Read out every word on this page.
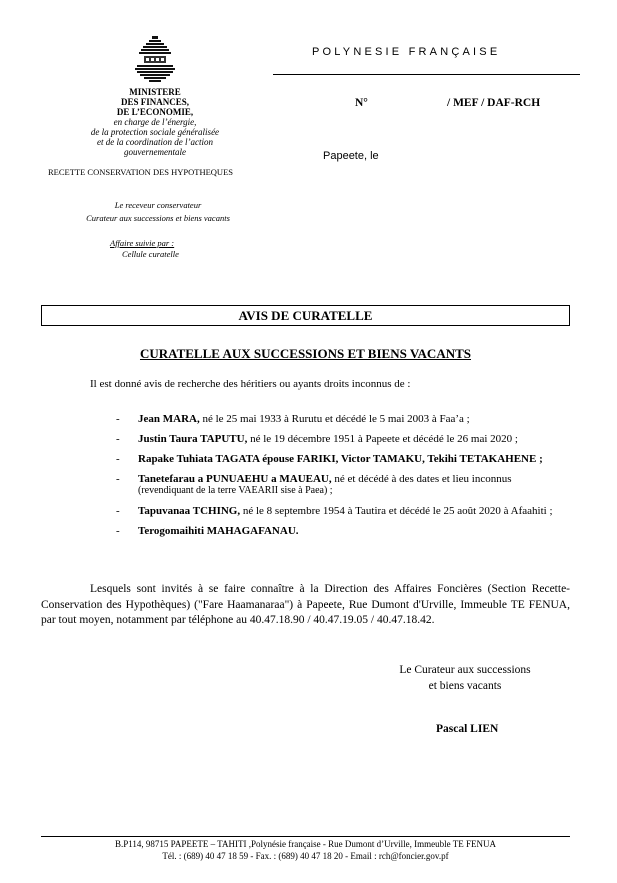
MINISTERE
DES FINANCES,
DE L’ECONOMIE,
en charge de l’énergie,
de la protection sociale généralisée
et de la coordination de l’action gouvernementale
RECETTE CONSERVATION DES HYPOTHEQUES
Le receveur conservateur
Curateur aux successions et biens vacants
Affaire suivie par :
Cellule curatelle
POLYNESIE FRANÇAISE
N°	/ MEF / DAF-RCH
Papeete, le
AVIS DE CURATELLE
CURATELLE AUX SUCCESSIONS ET BIENS VACANTS
Il est donné avis de recherche des héritiers ou ayants droits inconnus de :
- Jean MARA, né le 25 mai 1933 à Rurutu et décédé le 5 mai 2003 à Faa’a ;
- Justin Taura TAPUTU, né le 19 décembre 1951 à Papeete et décédé le 26 mai 2020 ;
- Rapake Tuhiata TAGATA épouse FARIKI, Victor TAMAKU, Tekihi TETAKAHENE ;
- Tanetefarau a PUNUAEHU a MAUEAU, né et décédé à des dates et lieu inconnus
(revendiquant de la terre VAEARII sise à Paea) ;
- Tapuvanaa TCHING, né le 8 septembre 1954 à Tautira et décédé le 25 août 2020 à Afaahiti ;
- Terogomaihiti MAHAGAFANAU.
Lesquels sont invités à se faire connaître à la Direction des Affaires Foncières (Section Recette-Conservation des Hypothèques) ("Fare Haamanaraa") à Papeete, Rue Dumont d'Urville, Immeuble TE FENUA, par tout moyen, notamment par téléphone au 40.47.18.90 / 40.47.19.05 / 40.47.18.42.
Le Curateur aux successions
et biens vacants
Pascal LIEN
B.P114, 98715 PAPEETE – TAHITI ,Polynésie française - Rue Dumont d’Urville, Immeuble TE FENUA
Tél. : (689) 40 47 18 59 - Fax. : (689) 40 47 18 20 - Email : rch@foncier.gov.pf
